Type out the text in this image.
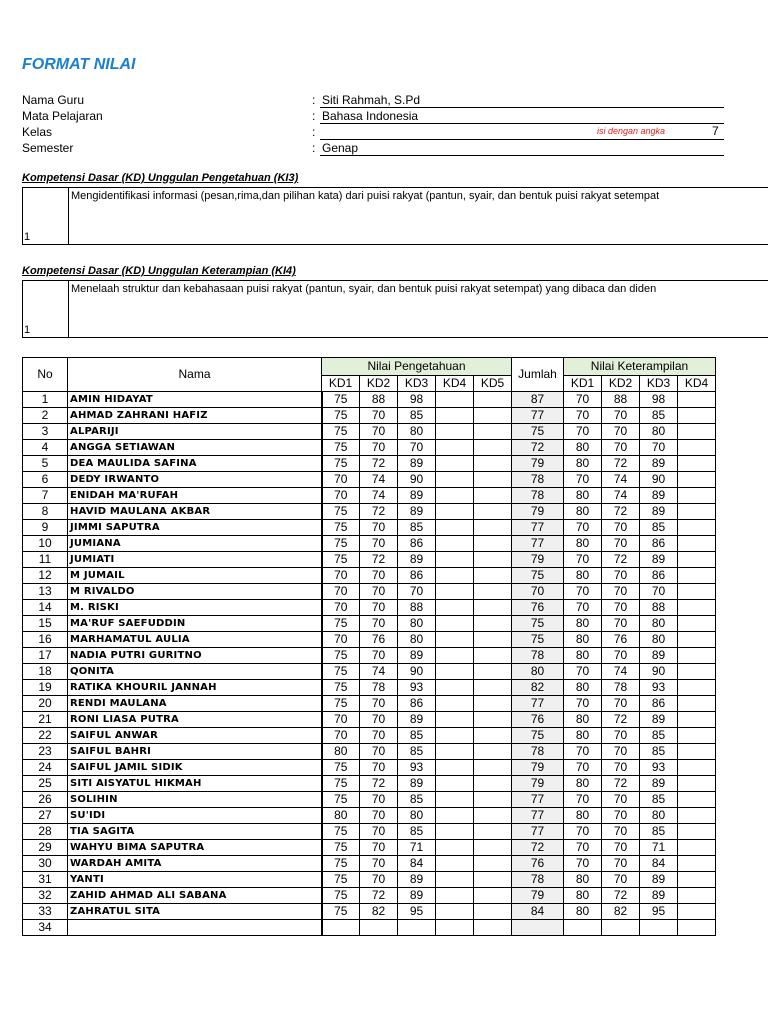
FORMAT NILAI
Nama Guru	: Siti Rahmah, S.Pd
Mata Pelajaran	: Bahasa Indonesia
Kelas	:	isi dengan angka	7
Semester	: Genap
Kompetensi Dasar (KD) Unggulan Pengetahuan (KI3)
1
Mengidentifikasi informasi (pesan,rima,dan pilihan kata) dari puisi rakyat (pantun, syair, dan bentuk puisi rakyat setempat
Kompetensi Dasar (KD) Unggulan Keterampian (KI4)
1
Menelaah struktur dan kebahasaan puisi rakyat (pantun, syair, dan bentuk puisi rakyat setempat) yang dibaca dan diden
No	Nama	Nilai Pengetahuan					Jumlah	Nilai Keterampilan			
		KD1	KD2	KD3	KD4	KD5		KD1	KD2	KD3	KD4
1	AMIN HIDAYAT	75	88	98			87	70	88	98	
2	AHMAD ZAHRANI HAFIZ	75	70	85			77	70	70	85	
3	ALPARIJI	75	70	80			75	70	70	80	
4	ANGGA SETIAWAN	75	70	70			72	80	70	70	
5	DEA MAULIDA SAFINA	75	72	89			79	80	72	89	
6	DEDY IRWANTO	70	74	90			78	70	74	90	
7	ENIDAH MA'RUFAH	70	74	89			78	80	74	89	
8	HAVID MAULANA AKBAR	75	72	89			79	80	72	89	
9	JIMMI SAPUTRA	75	70	85			77	70	70	85	
10	JUMIANA	75	70	86			77	80	70	86	
11	JUMIATI	75	72	89			79	70	72	89	
12	M JUMAIL	70	70	86			75	80	70	86	
13	M RIVALDO	70	70	70			70	70	70	70	
14	M. RISKI	70	70	88			76	70	70	88	
15	MA'RUF SAEFUDDIN	75	70	80			75	80	70	80	
16	MARHAMATUL AULIA	70	76	80			75	80	76	80	
17	NADIA PUTRI GURITNO	75	70	89			78	80	70	89	
18	QONITA	75	74	90			80	70	74	90	
19	RATIKA KHOURIL JANNAH	75	78	93			82	80	78	93	
20	RENDI MAULANA	75	70	86			77	70	70	86	
21	RONI LIASA PUTRA	70	70	89			76	80	72	89	
22	SAIFUL ANWAR	70	70	85			75	80	70	85	
23	SAIFUL BAHRI	80	70	85			78	70	70	85	
24	SAIFUL JAMIL SIDIK	75	70	93			79	70	70	93	
25	SITI AISYATUL HIKMAH	75	72	89			79	80	72	89	
26	SOLIHIN	75	70	85			77	70	70	85	
27	SU'IDI	80	70	80			77	80	70	80	
28	TIA SAGITA	75	70	85			77	70	70	85	
29	WAHYU BIMA SAPUTRA	75	70	71			72	70	70	71	
30	WARDAH AMITA	75	70	84			76	70	70	84	
31	YANTI	75	70	89			78	80	70	89	
32	ZAHID AHMAD ALI SABANA	75	72	89			79	80	72	89	
33	ZAHRATUL SITA	75	82	95			84	80	82	95	
34											
